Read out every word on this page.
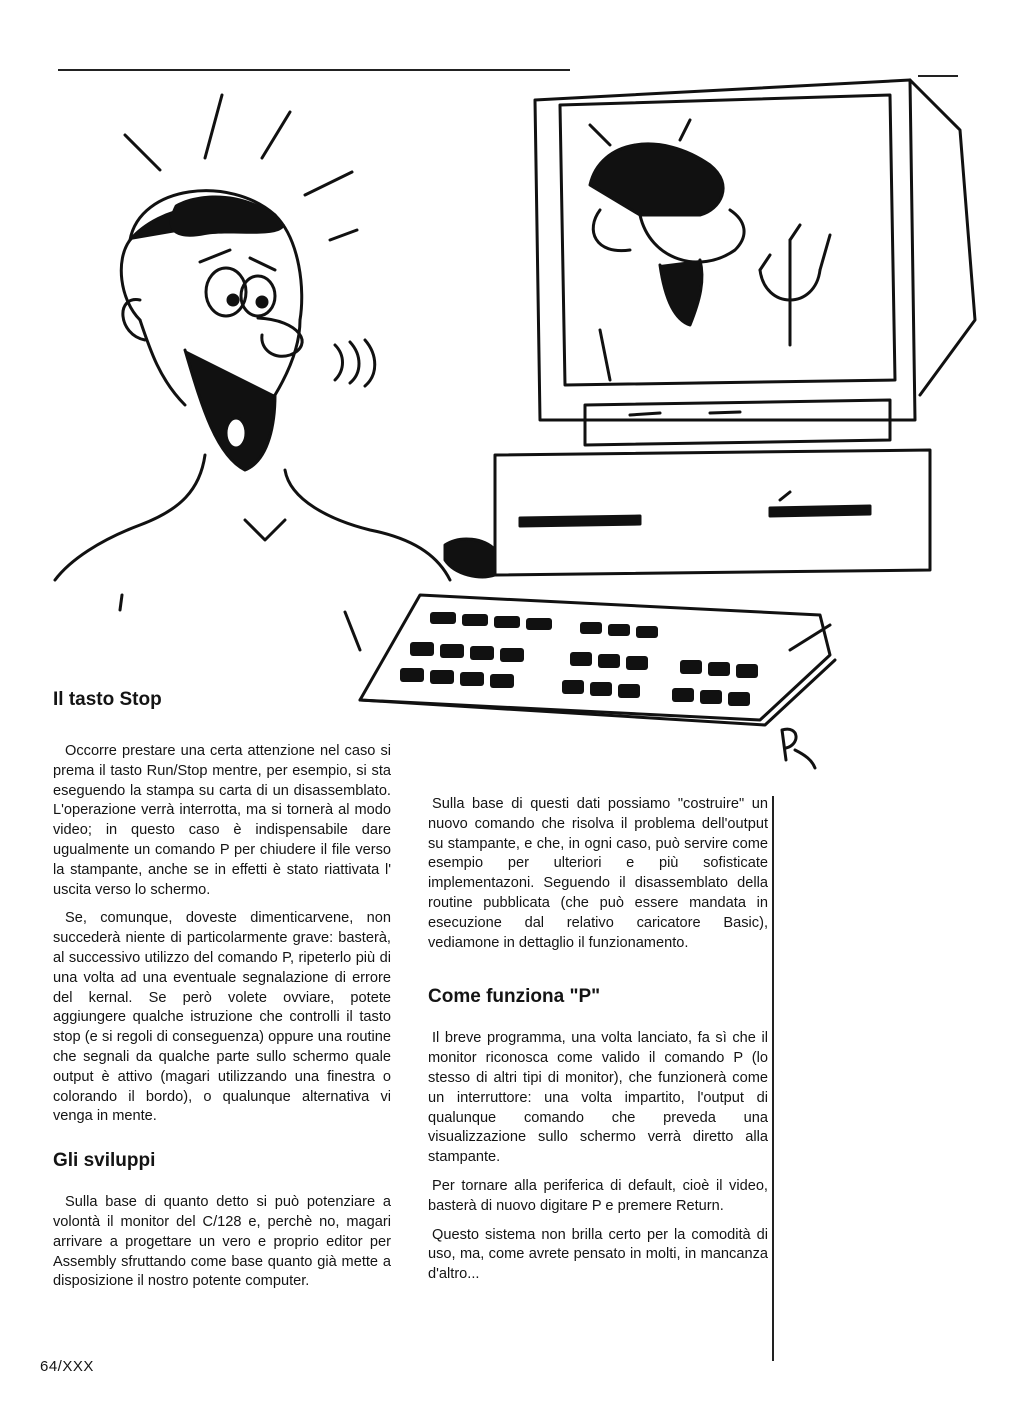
Il tasto Stop

Occorre prestare una certa attenzione nel caso si prema il tasto Run/Stop mentre, per esempio, si sta eseguendo la stampa su carta di un disassemblato. L'operazione verrà interrotta, ma si tornerà al modo video; in questo caso è indispensabile dare ugualmente un comando P per chiudere il file verso la stampante, anche se in effetti è stato riattivata l' uscita verso lo schermo.

Se, comunque, doveste dimenticarvene, non succederà niente di particolarmente grave: basterà, al successivo utilizzo del comando P, ripeterlo più di una volta ad una eventuale segnalazione di errore del kernal. Se però volete ovviare, potete aggiungere qualche istruzione che controlli il tasto stop (e si regoli di conseguenza) oppure una routine che segnali da qualche parte sullo schermo quale output è attivo (magari utilizzando una finestra o colorando il bordo), o qualunque alternativa vi venga in mente.

Gli sviluppi

Sulla base di quanto detto si può potenziare a volontà il monitor del C/128 e, perchè no, magari arrivare a progettare un vero e proprio editor per Assembly sfruttando come base quanto già mette a disposizione il nostro potente computer.

Sulla base di questi dati possiamo "costruire" un nuovo comando che risolva il problema dell'output su stampante, e che, in ogni caso, può servire come esempio per ulteriori e più sofisticate implementazoni. Seguendo il disassemblato della routine pubblicata (che può essere mandata in esecuzione dal relativo caricatore Basic), vediamone in dettaglio il funzionamento.

Come funziona "P"

Il breve programma, una volta lanciato, fa sì che il monitor riconosca come valido il comando P (lo stesso di altri tipi di monitor), che funzionerà come un interruttore: una volta impartito, l'output di qualunque comando che preveda una visualizzazione sullo schermo verrà diretto alla stampante.

Per tornare alla periferica di default, cioè il video, basterà di nuovo digitare P e premere Return.

Questo sistema non brilla certo per la comodità di uso, ma, come avrete pensato in molti, in mancanza d'altro...

64/XXX
